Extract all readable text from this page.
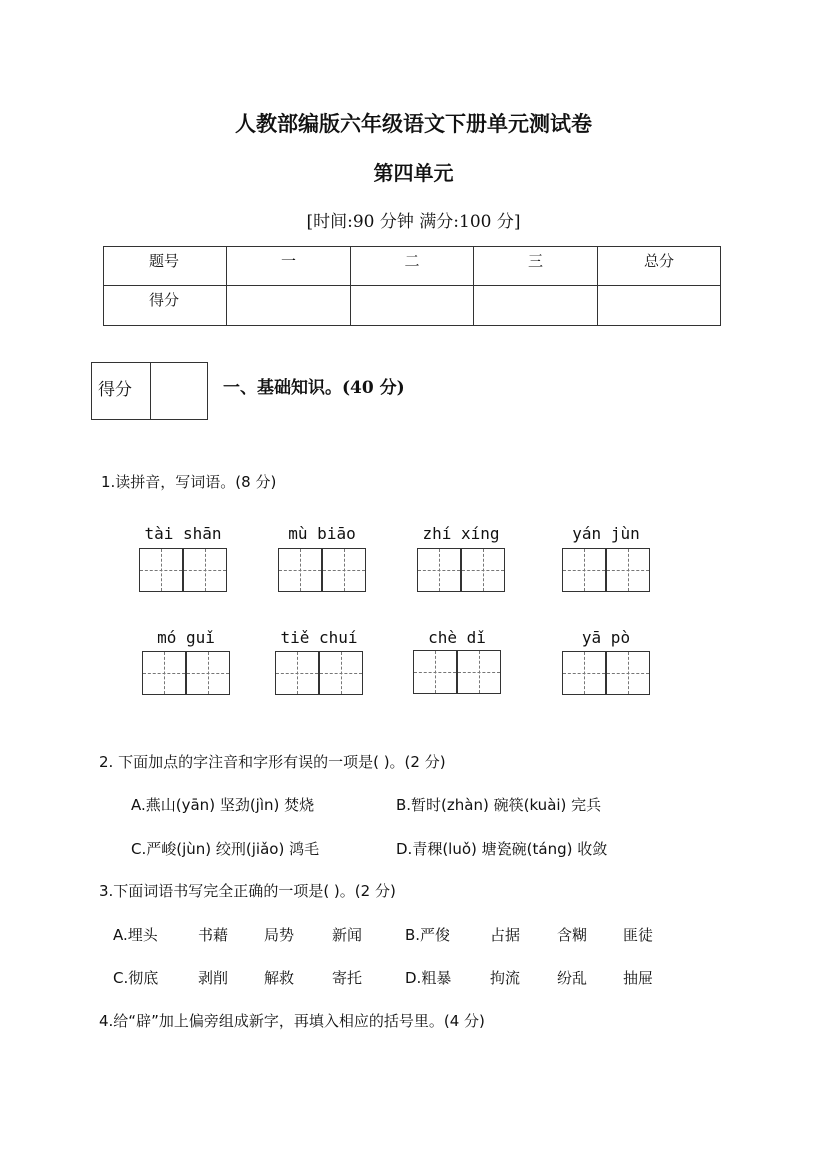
人教部编版六年级语文下册单元测试卷
第四单元
[时间:90 分钟 满分:100 分]
题号	一	二	三	总分
得分
得分	一、基础知识。(40 分)
1.读拼音，写词语。(8 分)
tài shān	mù biāo	zhí xíng	yán jùn
mó guǐ	tiě chuí	chè dǐ	yā pò
2. 下面加点的字注音和字形有误的一项是( )。(2 分)
A.燕山(yān) 坚劲(jìn) 焚烧	B.暂时(zhàn) 碗筷(kuài) 完兵
C.严峻(jùn) 绞刑(jiǎo) 鸿毛	D.青稞(luǒ) 塘瓷碗(táng) 收敛
3.下面词语书写完全正确的一项是( )。(2 分)
A.埋头	书藉 局势	新闻	B.严俊	占据 含糊 匪徒
C.彻底	剥削 解救	寄托	D.粗暴	拘流 纷乱 抽屉
4.给“辟”加上偏旁组成新字，再填入相应的括号里。(4 分)
